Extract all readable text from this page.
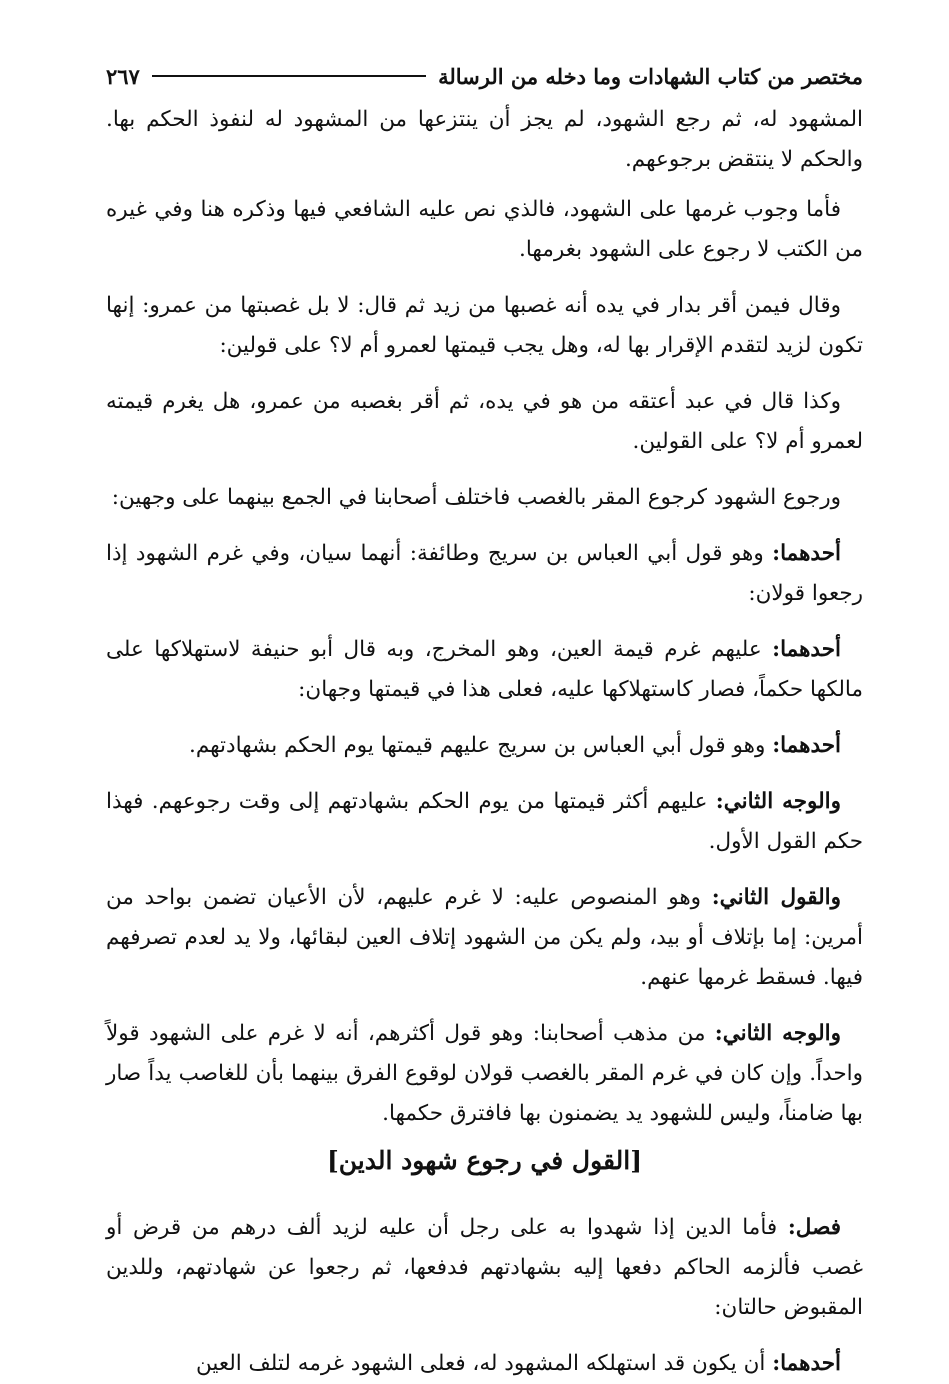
مختصر من كتاب الشهادات وما دخله من الرسالة
٢٦٧

المشهود له، ثم رجع الشهود، لم يجز أن ينتزعها من المشهود له لنفوذ الحكم بها. والحكم لا ينتقض برجوعهم.

فأما وجوب غرمها على الشهود، فالذي نص عليه الشافعي فيها وذكره هنا وفي غيره من الكتب لا رجوع على الشهود بغرمها.

وقال فيمن أقر بدار في يده أنه غصبها من زيد ثم قال: لا بل غصبتها من عمرو: إنها تكون لزيد لتقدم الإقرار بها له، وهل يجب قيمتها لعمرو أم لا؟ على قولين:

وكذا قال في عبد أعتقه من هو في يده، ثم أقر بغصبه من عمرو، هل يغرم قيمته لعمرو أم لا؟ على القولين.

ورجوع الشهود كرجوع المقر بالغصب فاختلف أصحابنا في الجمع بينهما على وجهين:

أحدهما: وهو قول أبي العباس بن سريج وطائفة: أنهما سيان، وفي غرم الشهود إذا رجعوا قولان:

أحدهما: عليهم غرم قيمة العين، وهو المخرج، وبه قال أبو حنيفة لاستهلاكها على مالكها حكماً، فصار كاستهلاكها عليه، فعلى هذا في قيمتها وجهان:

أحدهما: وهو قول أبي العباس بن سريج عليهم قيمتها يوم الحكم بشهادتهم.

والوجه الثاني: عليهم أكثر قيمتها من يوم الحكم بشهادتهم إلى وقت رجوعهم. فهذا حكم القول الأول.

والقول الثاني: وهو المنصوص عليه: لا غرم عليهم، لأن الأعيان تضمن بواحد من أمرين: إما بإتلاف أو بيد، ولم يكن من الشهود إتلاف العين لبقائها، ولا يد لعدم تصرفهم فيها. فسقط غرمها عنهم.

والوجه الثاني: من مذهب أصحابنا: وهو قول أكثرهم، أنه لا غرم على الشهود قولاً واحداً. وإن كان في غرم المقر بالغصب قولان لوقوع الفرق بينهما بأن للغاصب يداً صار بها ضامناً، وليس للشهود يد يضمنون بها فافترق حكمها.

[القول في رجوع شهود الدين]

فصل: فأما الدين إذا شهدوا به على رجل أن عليه لزيد ألف درهم من قرض أو غصب فألزمه الحاكم دفعها إليه بشهادتهم فدفعها، ثم رجعوا عن شهادتهم، وللدين المقبوض حالتان:

أحدهما: أن يكون قد استهلكه المشهود له، فعلى الشهود غرمه لتلف العين
